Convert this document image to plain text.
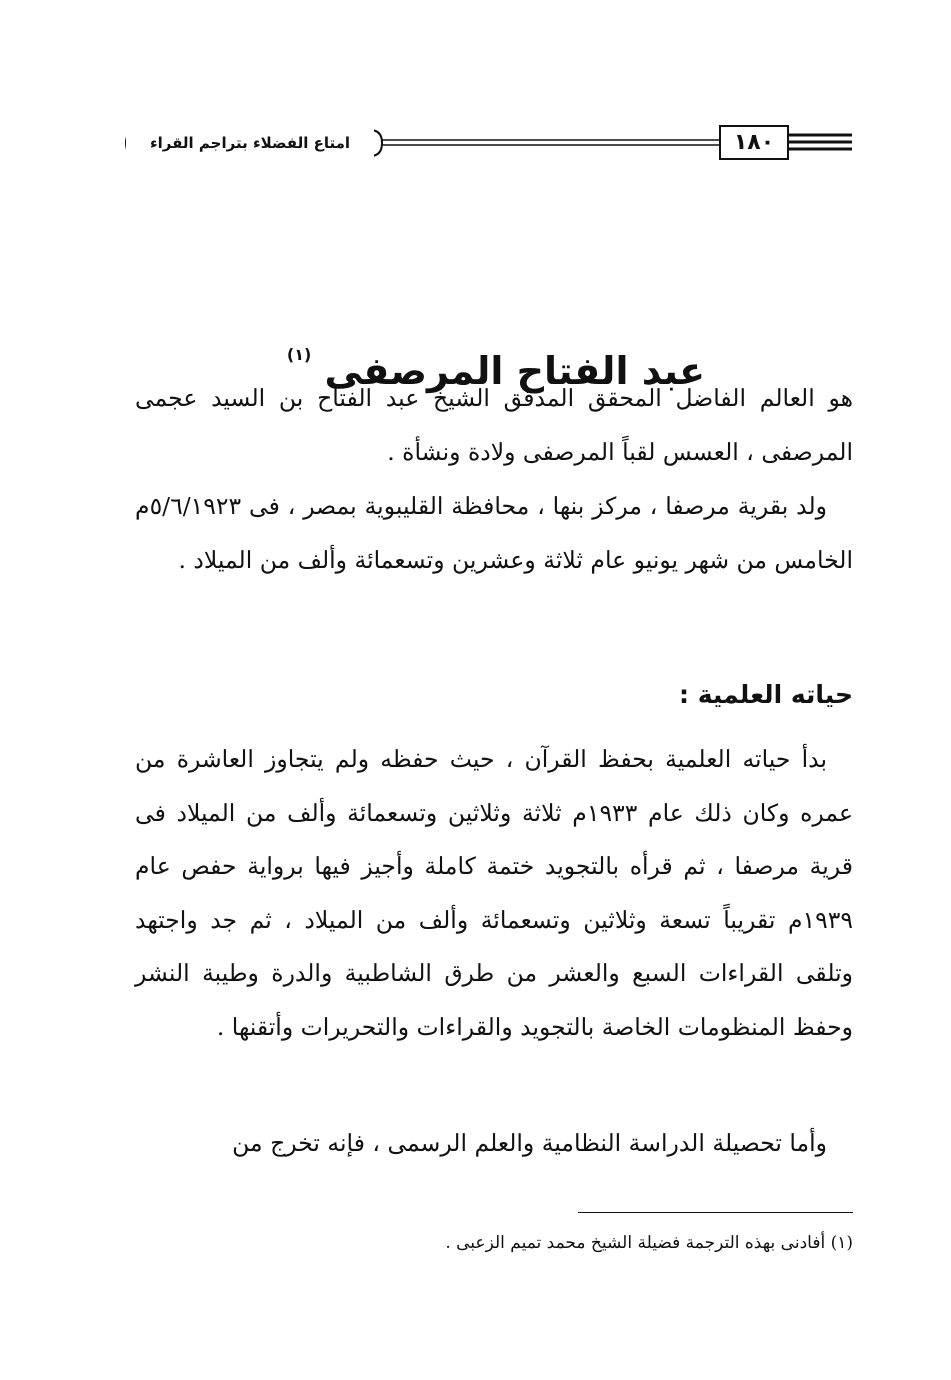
١٨٠
امتاع الفضلاء بتراجم القراء
عبد الفتاح المرصفى $^{(١)}$

هو العالم الفاضل المحقق المدقق الشيخ عبد الفتاح بن السيد عجمى المرصفى ، العسس لقباً المرصفى ولادة ونشأة .

ولد بقرية مرصفا ، مركز بنها ، محافظة القليبوية بمصر ، فى ٥/٦/١٩٢٣م الخامس من شهر يونيو عام ثلاثة وعشرين وتسعمائة وألف من الميلاد .

حياته العلمية :

بدأ حياته العلمية بحفظ القرآن ، حيث حفظه ولم يتجاوز العاشرة من عمره وكان ذلك عام ١٩٣٣م ثلاثة وثلاثين وتسعمائة وألف من الميلاد فى قرية مرصفا ، ثم قرأه بالتجويد ختمة كاملة وأجيز فيها برواية حفص عام ١٩٣٩م تقريباً تسعة وثلاثين وتسعمائة وألف من الميلاد ، ثم جد واجتهد وتلقى القراءات السبع والعشر من طرق الشاطبية والدرة وطيبة النشر وحفظ المنظومات الخاصة بالتجويد والقراءات والتحريرات وأتقنها .

وأما تحصيلة الدراسة النظامية والعلم الرسمى ، فإنه تخرج من

(١) أفادنى بهذه الترجمة فضيلة الشيخ محمد تميم الزعبى .
